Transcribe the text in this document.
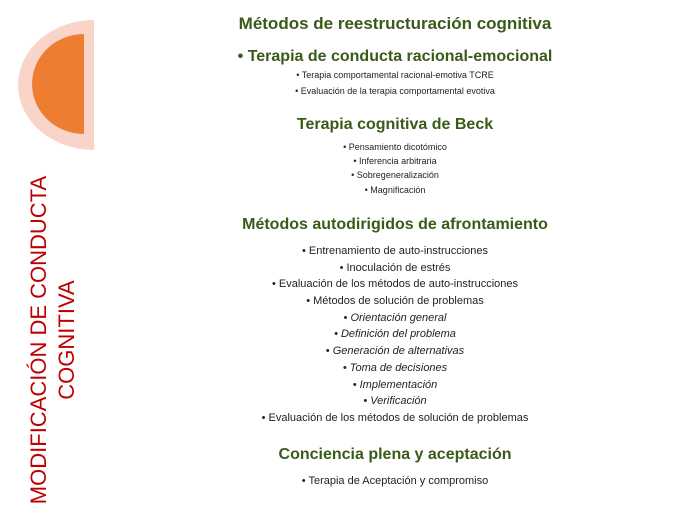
MODIFICACIÓN DE CONDUCTA COGNITIVA
Métodos de reestructuración cognitiva
• Terapia de conducta racional-emocional
• Terapia comportamental racional-emotiva TCRE
• Evaluación de la terapia comportamental evotiva
Terapia cognitiva de Beck
• Pensamiento dicotómico
• Inferencia arbitraria
• Sobregeneralización
• Magnificación
Métodos autodirigidos de afrontamiento
• Entrenamiento de auto-instrucciones
• Inoculación de estrés
• Evaluación de los métodos de auto-instrucciones
• Métodos de solución de problemas
• Orientación general
• Definición del problema
• Generación de alternativas
• Toma de decisiones
• Implementación
• Verificación
• Evaluación de los métodos de solución de problemas
Conciencia plena y aceptación
• Terapia de Aceptación y compromiso
